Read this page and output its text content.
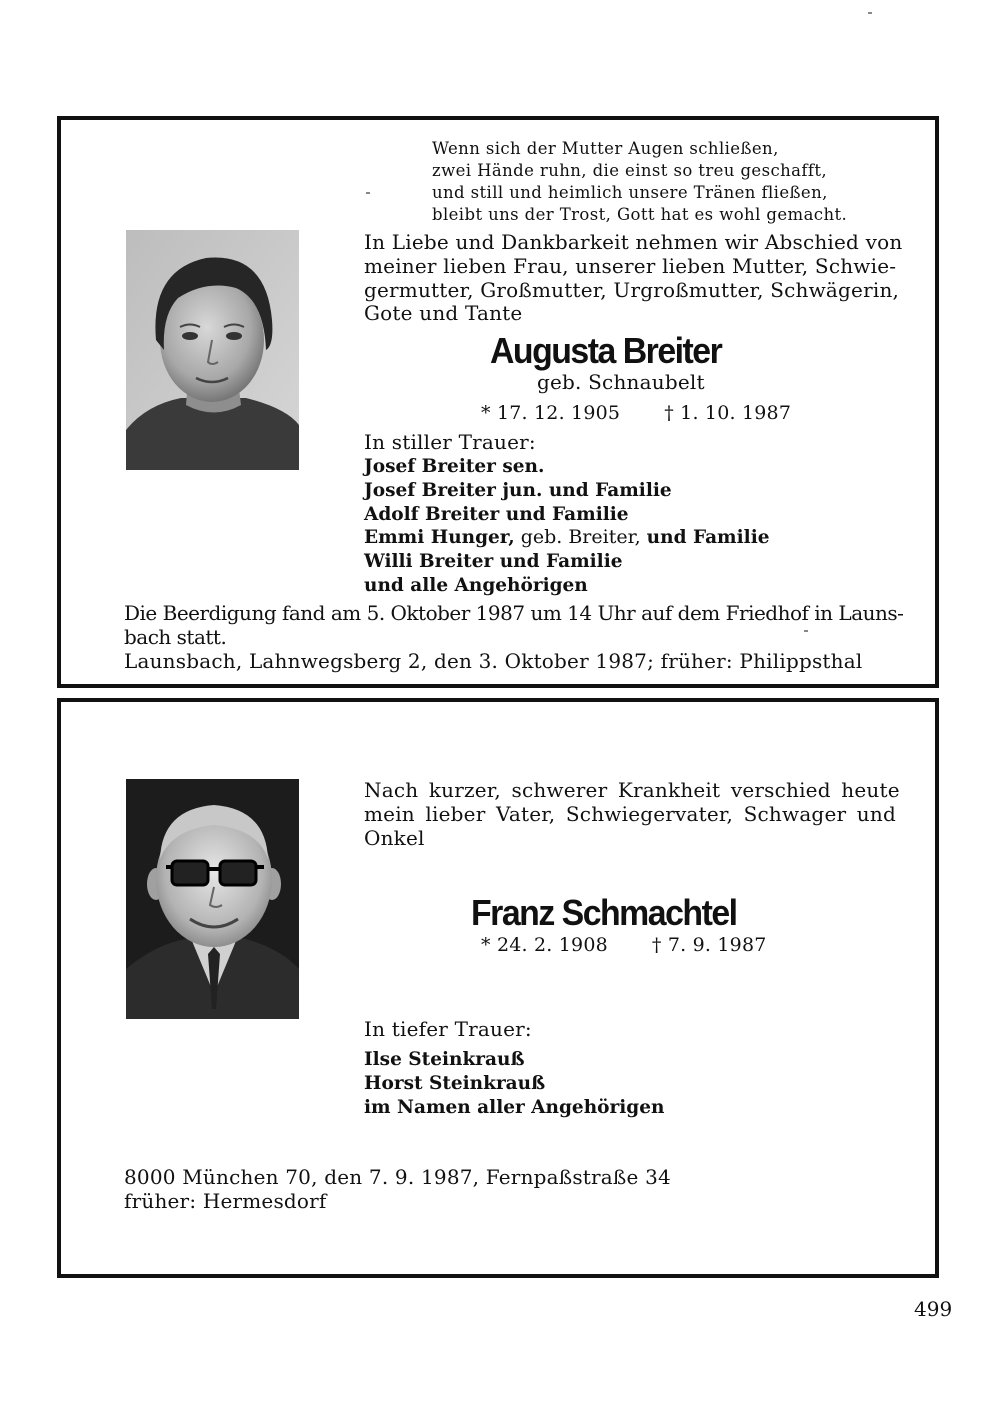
Wenn sich der Mutter Augen schließen,
zwei Hände ruhn, die einst so treu geschafft,
und still und heimlich unsere Tränen fließen,
bleibt uns der Trost, Gott hat es wohl gemacht.
In Liebe und Dankbarkeit nehmen wir Abschied von
meiner lieben Frau, unserer lieben Mutter, Schwie-
germutter, Großmutter, Urgroßmutter, Schwägerin,
Gote und Tante
Augusta Breiter
geb. Schnaubelt
* 17. 12. 1905 † 1. 10. 1987
In stiller Trauer:
Josef Breiter sen.
Josef Breiter jun. und Familie
Adolf Breiter und Familie
Emmi Hunger, geb. Breiter, und Familie
Willi Breiter und Familie
und alle Angehörigen
Die Beerdigung fand am 5. Oktober 1987 um 14 Uhr auf dem Friedhof in Launs-
bach statt.
Launsbach, Lahnwegsberg 2, den 3. Oktober 1987; früher: Philippsthal
Nach kurzer, schwerer Krankheit verschied heute
mein lieber Vater, Schwiegervater, Schwager und
Onkel
Franz Schmachtel
* 24. 2. 1908 † 7. 9. 1987
In tiefer Trauer:
Ilse Steinkrauß
Horst Steinkrauß
im Namen aller Angehörigen
8000 München 70, den 7. 9. 1987, Fernpaßstraße 34
früher: Hermesdorf
499
